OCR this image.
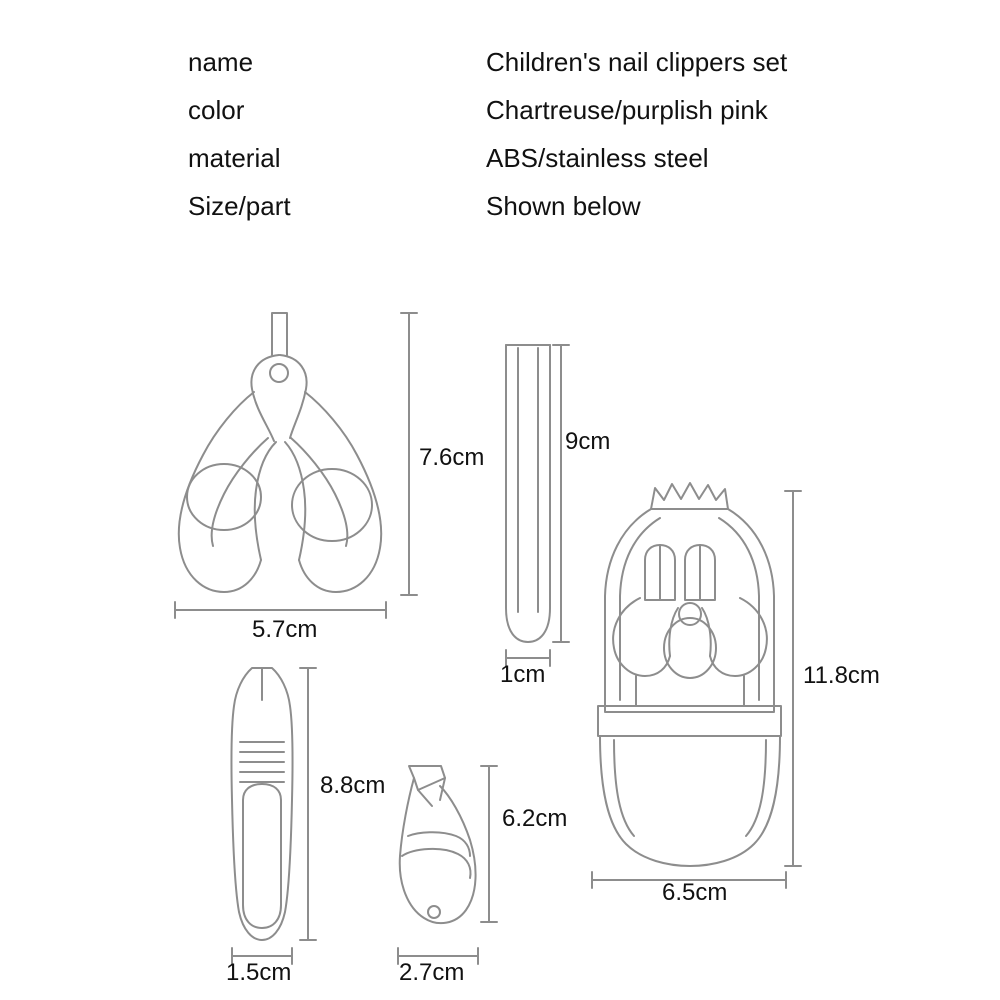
name	Children's nail clippers set
color	Chartreuse/purplish pink
material	ABS/stainless steel
Size/part	Shown below
7.6cm
5.7cm
9cm
1cm
8.8cm
1.5cm
6.2cm
2.7cm
11.8cm
6.5cm
